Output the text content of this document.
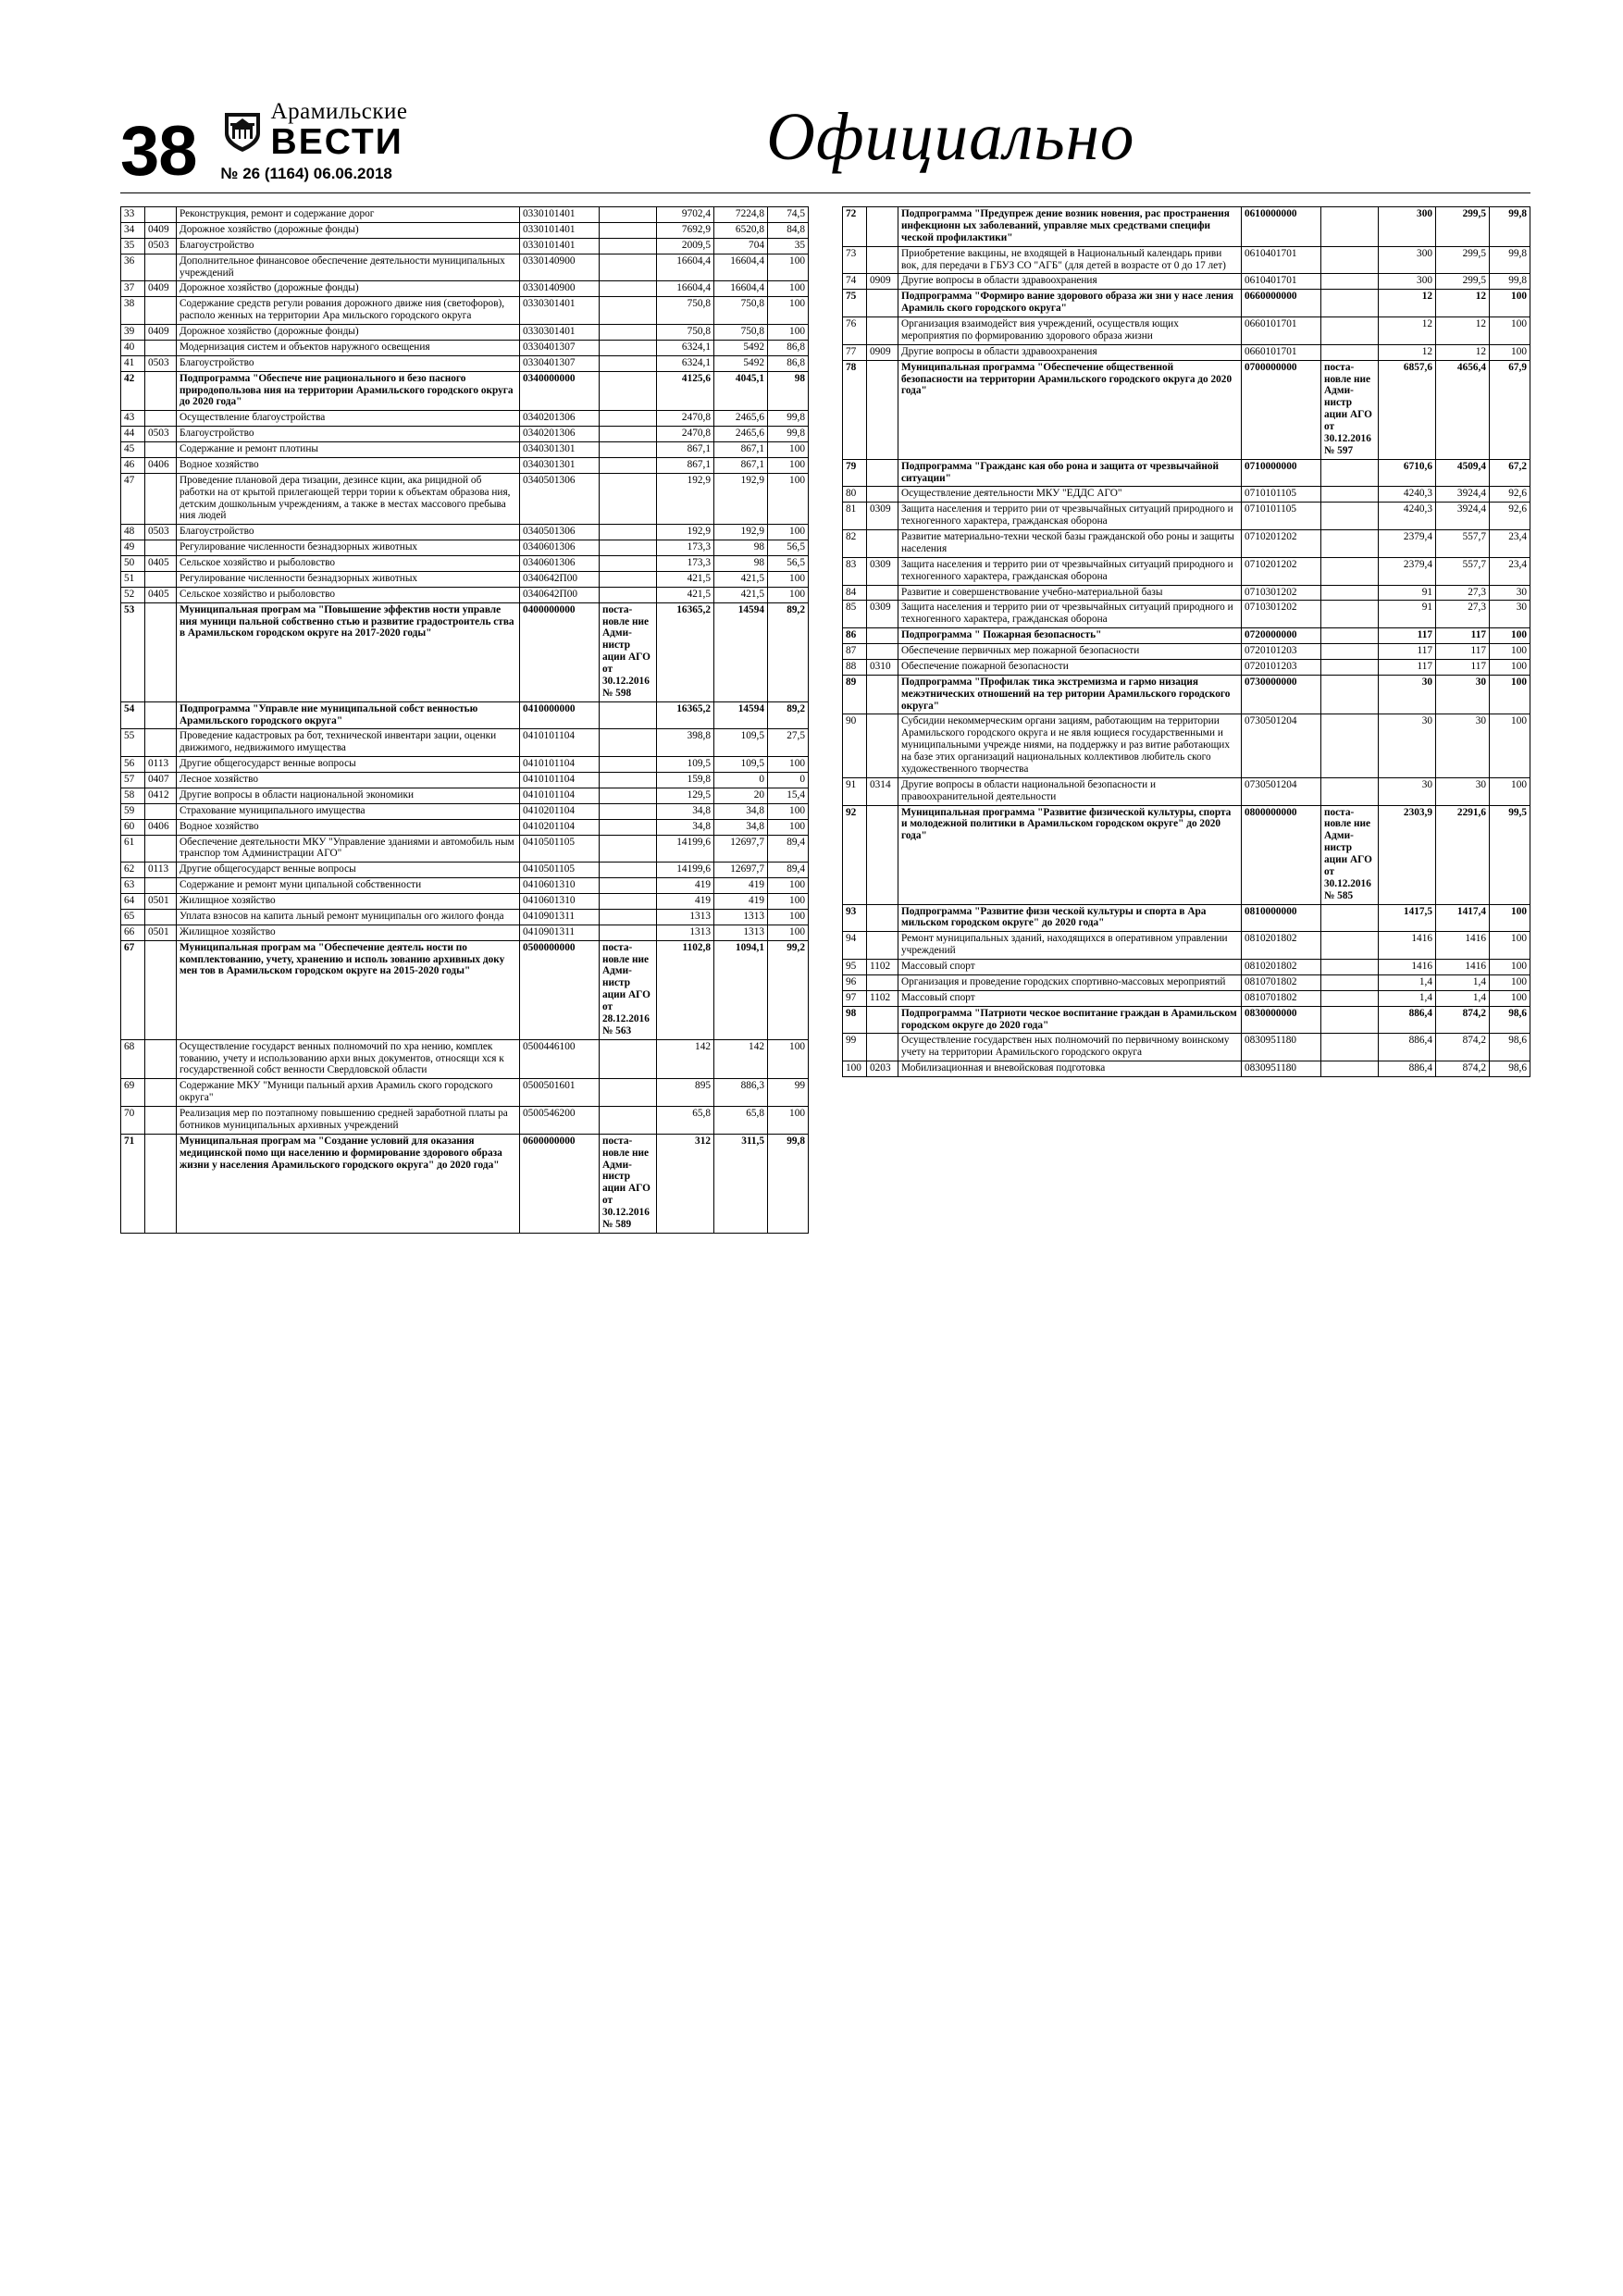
38
Арамильские
ВЕСТИ
№ 26 (1164) 06.06.2018	Официально
33		Реконструкция, ремонт и содержание дорог	0330101401		9702,4	7224,8	74,5
34	0409	Дорожное хозяйство (дорожные фонды)	0330101401		7692,9	6520,8	84,8
35	0503	Благоустройство	0330101401		2009,5	704	35
36		Дополнительное финансовое обеспечение деятельности муниципальных учреждений	0330140900		16604,4	16604,4	100
37	0409	Дорожное хозяйство (дорожные фонды)	0330140900		16604,4	16604,4	100
38		Содержание средств регули рования дорожного движе ния (светофоров), располо женных на территории Ара мильского городского округа	0330301401		750,8	750,8	100
39	0409	Дорожное хозяйство (дорожные фонды)	0330301401		750,8	750,8	100
40		Модернизация систем и объектов наружного освещения	0330401307		6324,1	5492	86,8
41	0503	Благоустройство	0330401307		6324,1	5492	86,8
42		Подпрограмма "Обеспече ние рационального и безо пасного природопользова ния на территории Арамильского городского округа до 2020 года"	0340000000		4125,6	4045,1	98
43		Осуществление благоустройства	0340201306		2470,8	2465,6	99,8
44	0503	Благоустройство	0340201306		2470,8	2465,6	99,8
45		Содержание и ремонт плотины	0340301301		867,1	867,1	100
46	0406	Водное хозяйство	0340301301		867,1	867,1	100
47		Проведение плановой дера тизации, дезинсе кции, ака рицидной об работки на от крытой прилегающей терри тории к объектам образова ния, детским дошкольным учреждениям, а также в местах массового пребыва ния людей	0340501306		192,9	192,9	100
48	0503	Благоустройство	0340501306		192,9	192,9	100
49		Регулирование численности безнадзорных животных	0340601306		173,3	98	56,5
50	0405	Сельское хозяйство и рыболовство	0340601306		173,3	98	56,5
51		Регулирование численности безнадзорных животных	0340642П00		421,5	421,5	100
52	0405	Сельское хозяйство и рыболовство	0340642П00		421,5	421,5	100
53		Муниципальная програм ма "Повышение эффектив ности управле ния муници пальной собственно стью и развитие градостроитель ства в Арамильском городском округе на 2017-2020 годы"	0400000000	поста- новле ние Адми- нистр ации АГО от 30.12.2016 № 598	16365,2	14594	89,2
54		Подпрограмма "Управле ние муниципальной собст венностью Арамильского городского округа"	0410000000		16365,2	14594	89,2
55		Проведение кадастровых ра бот, технической инвентари зации, оценки движимого, недвижимого имущества	0410101104		398,8	109,5	27,5
56	0113	Другие общегосударст венные вопросы	0410101104		109,5	109,5	100
57	0407	Лесное хозяйство	0410101104		159,8	0	0
58	0412	Другие вопросы в области национальной экономики	0410101104		129,5	20	15,4
59		Страхование муниципального имущества	0410201104		34,8	34,8	100
60	0406	Водное хозяйство	0410201104		34,8	34,8	100
61		Обеспечение деятельности МКУ "Управление зданиями и автомобиль ным транспор том Администрации АГО"	0410501105		14199,6	12697,7	89,4
62	0113	Другие общегосударст венные вопросы	0410501105		14199,6	12697,7	89,4
63		Содержание и ремонт муни ципальной собственности	0410601310		419	419	100
64	0501	Жилищное хозяйство	0410601310		419	419	100
65		Уплата взносов на капита льный ремонт муниципальн ого жилого фонда	0410901311		1313	1313	100
66	0501	Жилищное хозяйство	0410901311		1313	1313	100
67		Муниципальная програм ма "Обеспечение деятель ности по комплектованию, учету, хранению и исполь зованию архивных доку мен тов в Арамильском городском округе на 2015-2020 годы"	0500000000	поста- новле ние Адми- нистр ации АГО от 28.12.2016 № 563	1102,8	1094,1	99,2
68		Осуществление государст венных полномочий по хра нению, комплек тованию, учету и использованию архи вных документов, относящи хся к государственной собст венности Свердловской области	0500446100		142	142	100
69		Содержание МКУ "Муници пальный архив Арамиль ского городского округа"	0500501601		895	886,3	99
70		Реализация мер по поэтапному повышению средней заработной платы ра ботников муниципальных архивных учреждений	0500546200		65,8	65,8	100
71		Муниципальная програм ма "Создание условий для оказания медицинской помо щи населению и формирование здорового образа жизни у населения Арамильского городского округа" до 2020 года"	0600000000	поста- новле ние Адми- нистр ации АГО от 30.12.2016 № 589	312	311,5	99,8
72		Подпрограмма "Предупреж дение возник новения, рас пространения инфекционн ых заболеваний, управляе мых средствами специфи ческой профилактики"	0610000000		300	299,5	99,8
73		Приобретение вакцины, не входящей в Национальный календарь приви вок, для передачи в ГБУЗ СО "АГБ" (для детей в возрасте от 0 до 17 лет)	0610401701		300	299,5	99,8
74	0909	Другие вопросы в области здравоохранения	0610401701		300	299,5	99,8
75		Подпрограмма "Формиро вание здорового образа жи зни у насе ления Арамиль ского городского округа"	0660000000		12	12	100
76		Организация взаимодейст вия учреждений, осуществля ющих мероприятия по формированию здорового образа жизни	0660101701		12	12	100
77	0909	Другие вопросы в области здравоохранения	0660101701		12	12	100
78		Муниципальная программа "Обеспечение общественной безопасности на территории Арамильского городского округа до 2020 года"	0700000000	поста- новле ние Адми- нистр ации АГО от 30.12.2016 № 597	6857,6	4656,4	67,9
79		Подпрограмма "Гражданс кая обо рона и защита от чрезвычайной ситуации"	0710000000		6710,6	4509,4	67,2
80		Осуществление деятельности МКУ "ЕДДС АГО"	0710101105		4240,3	3924,4	92,6
81	0309	Защита населения и террито рии от чрезвычайных ситуаций природного и техногенного характера, гражданская оборона	0710101105		4240,3	3924,4	92,6
82		Развитие материально-техни ческой базы гражданской обо роны и защиты населения	0710201202		2379,4	557,7	23,4
83	0309	Защита населения и террито рии от чрезвычайных ситуаций природного и техногенного характера, гражданская оборона	0710201202		2379,4	557,7	23,4
84		Развитие и совершенствование учебно-материальной базы	0710301202		91	27,3	30
85	0309	Защита населения и террито рии от чрезвычайных ситуаций природного и техногенного характера, гражданская оборона	0710301202		91	27,3	30
86		Подпрограмма " Пожарная безопасность"	0720000000		117	117	100
87		Обеспечение первичных мер пожарной безопасности	0720101203		117	117	100
88	0310	Обеспечение пожарной безопасности	0720101203		117	117	100
89		Подпрограмма "Профилак тика экстремизма и гармо низация межэтнических отношений на тер ритории Арамильского городского округа"	0730000000		30	30	100
90		Субсидии некоммерческим органи зациям, работающим на территории Арамильского городского округа и не явля ющиеся государственными и муниципальными учрежде ниями, на поддержку и раз витие работающих на базе этих организаций национальных коллективов любитель ского художественного творчества	0730501204		30	30	100
91	0314	Другие вопросы в области национальной безопасности и правоохранительной деятельности	0730501204		30	30	100
92		Муниципальная программа "Развитие физической культуры, спорта и молодежной политики в Арамильском городском округе" до 2020 года"	0800000000	поста- новле ние Адми- нистр ации АГО от 30.12.2016 № 585	2303,9	2291,6	99,5
93		Подпрограмма "Развитие физи ческой культуры и спорта в Ара мильском городском округе" до 2020 года"	0810000000		1417,5	1417,4	100
94		Ремонт муниципальных зданий, находящихся в оперативном управлении учреждений	0810201802		1416	1416	100
95	1102	Массовый спорт	0810201802		1416	1416	100
96		Организация и проведение городских спортивно-массовых мероприятий	0810701802		1,4	1,4	100
97	1102	Массовый спорт	0810701802		1,4	1,4	100
98		Подпрограмма "Патриоти ческое воспитание граждан в Арамильском городском округе до 2020 года"	0830000000		886,4	874,2	98,6
99		Осуществление государствен ных полномочий по первичному воинскому учету на территории Арамильского городского округа	0830951180		886,4	874,2	98,6
100	0203	Мобилизационная и вневойсковая подготовка	0830951180		886,4	874,2	98,6
